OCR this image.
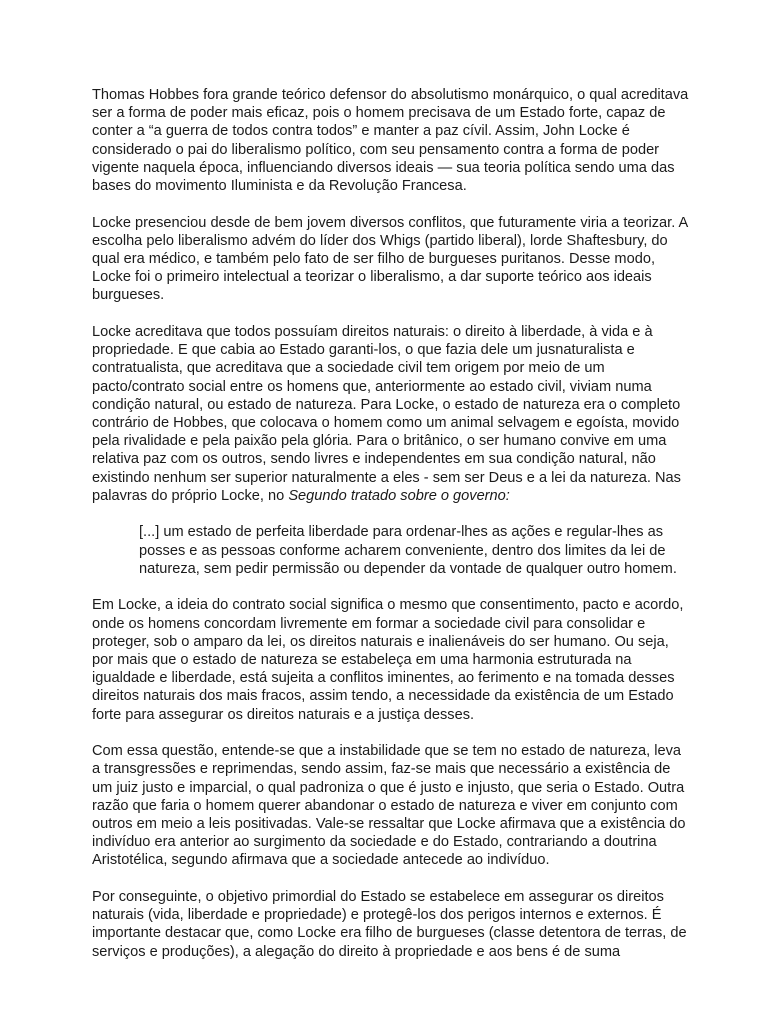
Thomas Hobbes fora grande teórico defensor do absolutismo monárquico, o qual acreditava
ser a forma de poder mais eficaz, pois o homem precisava de um Estado forte, capaz de
conter a “a guerra de todos contra todos” e manter a paz cívil. Assim, John Locke é
considerado o pai do liberalismo político, com seu pensamento contra a forma de poder
vigente naquela época, influenciando diversos ideais — sua teoria política sendo uma das
bases do movimento Iluminista e da Revolução Francesa.

Locke presenciou desde de bem jovem diversos conflitos, que futuramente viria a teorizar. A
escolha pelo liberalismo advém do líder dos Whigs (partido liberal), lorde Shaftesbury, do
qual era médico, e também pelo fato de ser filho de burgueses puritanos. Desse modo,
Locke foi o primeiro intelectual a teorizar o liberalismo, a dar suporte teórico aos ideais
burgueses.

Locke acreditava que todos possuíam direitos naturais: o direito à liberdade, à vida e à
propriedade. E que cabia ao Estado garanti-los, o que fazia dele um jusnaturalista e
contratualista, que acreditava que a sociedade civil tem origem por meio de um
pacto/contrato social entre os homens que, anteriormente ao estado civil, viviam numa
condição natural, ou estado de natureza. Para Locke, o estado de natureza era o completo
contrário de Hobbes, que colocava o homem como um animal selvagem e egoísta, movido
pela rivalidade e pela paixão pela glória. Para o britânico, o ser humano convive em uma
relativa paz com os outros, sendo livres e independentes em sua condição natural, não
existindo nenhum ser superior naturalmente a eles - sem ser Deus e a lei da natureza. Nas
palavras do próprio Locke, no Segundo tratado sobre o governo:

[...] um estado de perfeita liberdade para ordenar-lhes as ações e regular-lhes as
posses e as pessoas conforme acharem conveniente, dentro dos limites da lei de
natureza, sem pedir permissão ou depender da vontade de qualquer outro homem.

Em Locke, a ideia do contrato social significa o mesmo que consentimento, pacto e acordo,
onde os homens concordam livremente em formar a sociedade civil para consolidar e
proteger, sob o amparo da lei, os direitos naturais e inalienáveis do ser humano. Ou seja,
por mais que o estado de natureza se estabeleça em uma harmonia estruturada na
igualdade e liberdade, está sujeita a conflitos iminentes, ao ferimento e na tomada desses
direitos naturais dos mais fracos, assim tendo, a necessidade da existência de um Estado
forte para assegurar os direitos naturais e a justiça desses.

Com essa questão, entende-se que a instabilidade que se tem no estado de natureza, leva
a transgressões e reprimendas, sendo assim, faz-se mais que necessário a existência de
um juiz justo e imparcial, o qual padroniza o que é justo e injusto, que seria o Estado. Outra
razão que faria o homem querer abandonar o estado de natureza e viver em conjunto com
outros em meio a leis positivadas. Vale-se ressaltar que Locke afirmava que a existência do
indivíduo era anterior ao surgimento da sociedade e do Estado, contrariando a doutrina
Aristotélica, segundo afirmava que a sociedade antecede ao indivíduo.

Por conseguinte, o objetivo primordial do Estado se estabelece em assegurar os direitos
naturais (vida, liberdade e propriedade) e protegê-los dos perigos internos e externos. É
importante destacar que, como Locke era filho de burgueses (classe detentora de terras, de
serviços e produções), a alegação do direito à propriedade e aos bens é de suma
